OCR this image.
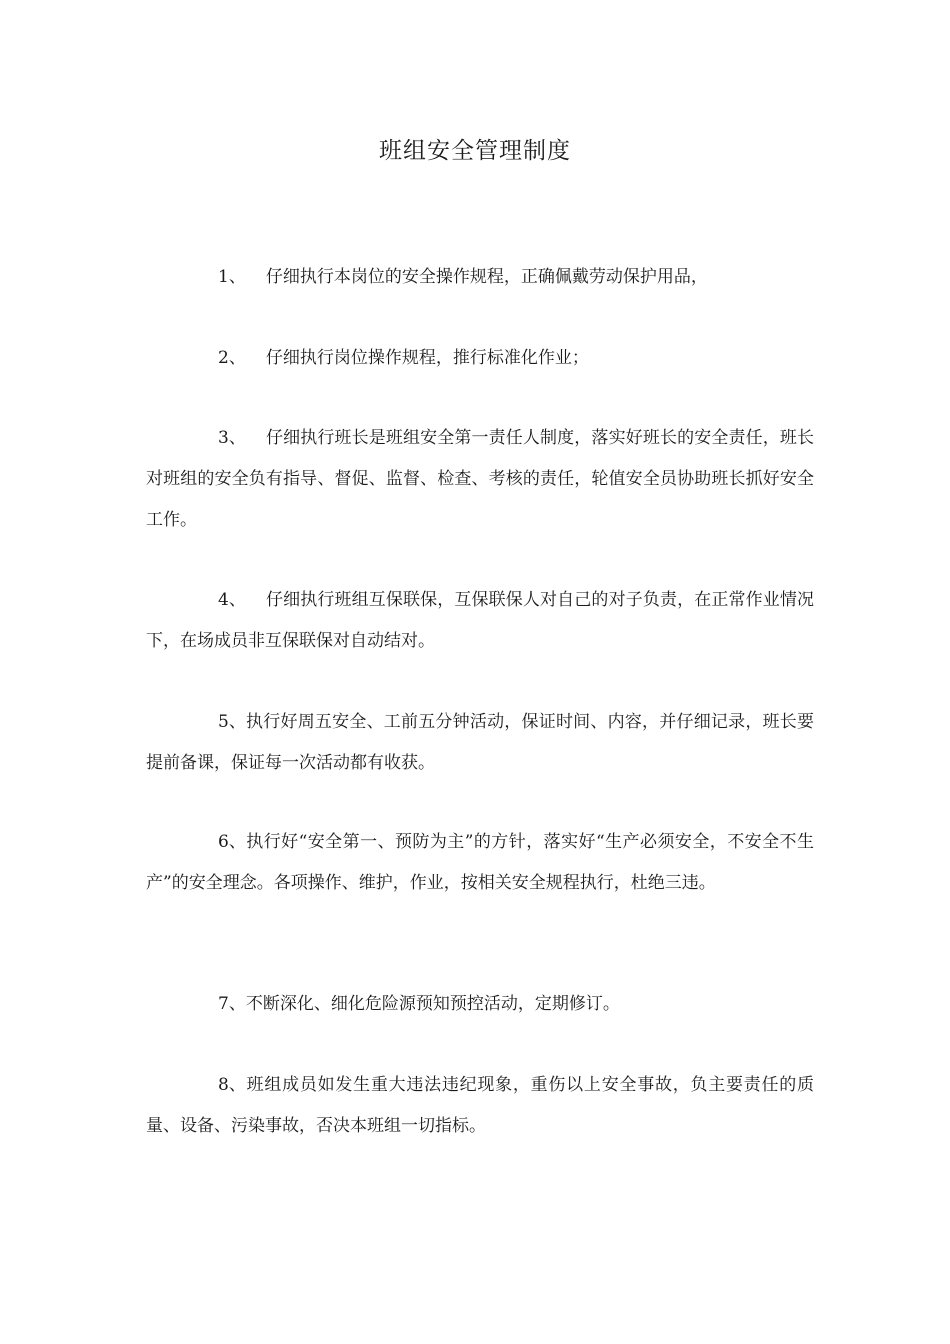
班组安全管理制度

1、 仔细执行本岗位的安全操作规程，正确佩戴劳动保护用品，

2、 仔细执行岗位操作规程，推行标准化作业；

3、 仔细执行班长是班组安全第一责任人制度，落实好班长的安全责任，班长对班组的安全负有指导、督促、监督、检查、考核的责任，轮值安全员协助班长抓好安全工作。

4、 仔细执行班组互保联保，互保联保人对自己的对子负责，在正常作业情况下，在场成员非互保联保对自动结对。

5、执行好周五安全、工前五分钟活动，保证时间、内容，并仔细记录，班长要提前备课，保证每一次活动都有收获。

6、执行好“安全第一、预防为主”的方针，落实好“生产必须安全，不安全不生产”的安全理念。各项操作、维护，作业，按相关安全规程执行，杜绝三违。

7、不断深化、细化危险源预知预控活动，定期修订。

8、班组成员如发生重大违法违纪现象，重伤以上安全事故，负主要责任的质量、设备、污染事故，否决本班组一切指标。
